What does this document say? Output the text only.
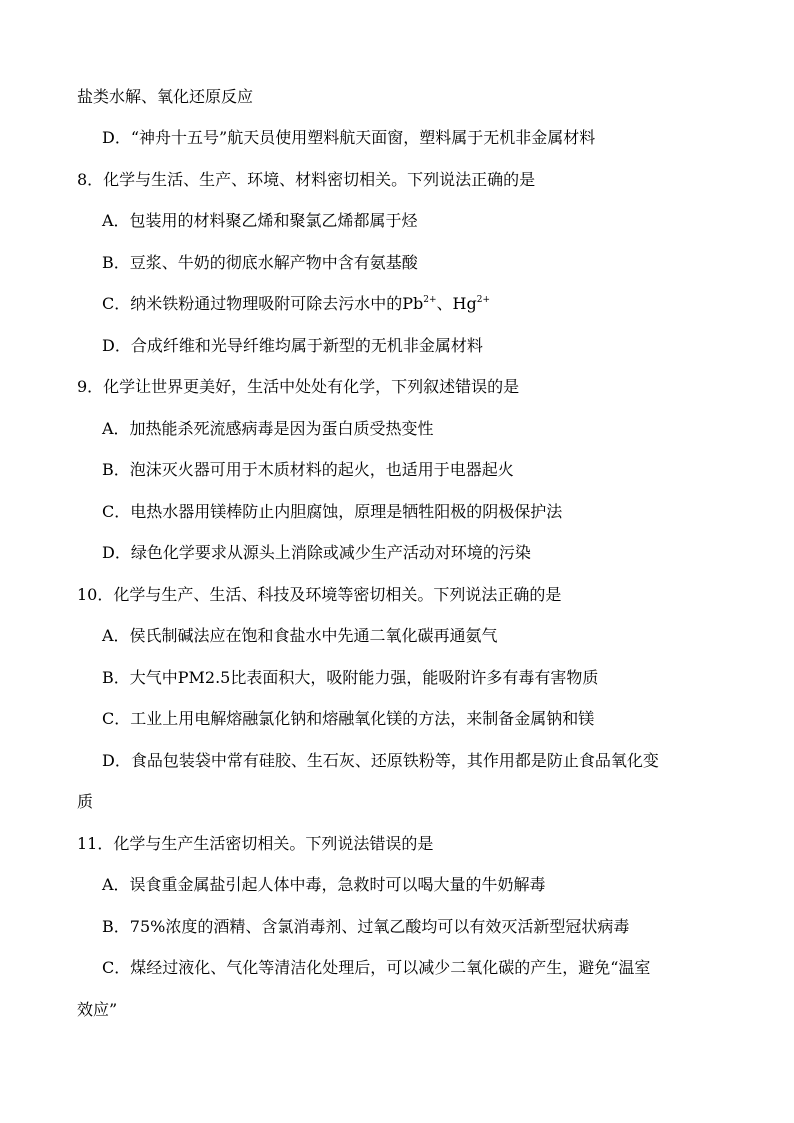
盐类水解、氧化还原反应
D．“神舟十五号”航天员使用塑料航天面窗，塑料属于无机非金属材料
8．化学与生活、生产、环境、材料密切相关。下列说法正确的是
A．包装用的材料聚乙烯和聚氯乙烯都属于烃
B．豆浆、牛奶的彻底水解产物中含有氨基酸
C．纳米铁粉通过物理吸附可除去污水中的$Pb^{2+}$、$Hg^{2+}$
D．合成纤维和光导纤维均属于新型的无机非金属材料
9．化学让世界更美好，生活中处处有化学，下列叙述错误的是
A．加热能杀死流感病毒是因为蛋白质受热变性
B．泡沫灭火器可用于木质材料的起火，也适用于电器起火
C．电热水器用镁棒防止内胆腐蚀，原理是牺牲阳极的阴极保护法
D．绿色化学要求从源头上消除或减少生产活动对环境的污染
10．化学与生产、生活、科技及环境等密切相关。下列说法正确的是
A．侯氏制碱法应在饱和食盐水中先通二氧化碳再通氨气
B．大气中PM2.5比表面积大，吸附能力强，能吸附许多有毒有害物质
C．工业上用电解熔融氯化钠和熔融氧化镁的方法，来制备金属钠和镁
D．食品包装袋中常有硅胶、生石灰、还原铁粉等，其作用都是防止食品氧化变
质
11．化学与生产生活密切相关。下列说法错误的是
A．误食重金属盐引起人体中毒，急救时可以喝大量的牛奶解毒
B．75%浓度的酒精、含氯消毒剂、过氧乙酸均可以有效灭活新型冠状病毒
C．煤经过液化、气化等清洁化处理后，可以减少二氧化碳的产生，避免“温室
效应”
